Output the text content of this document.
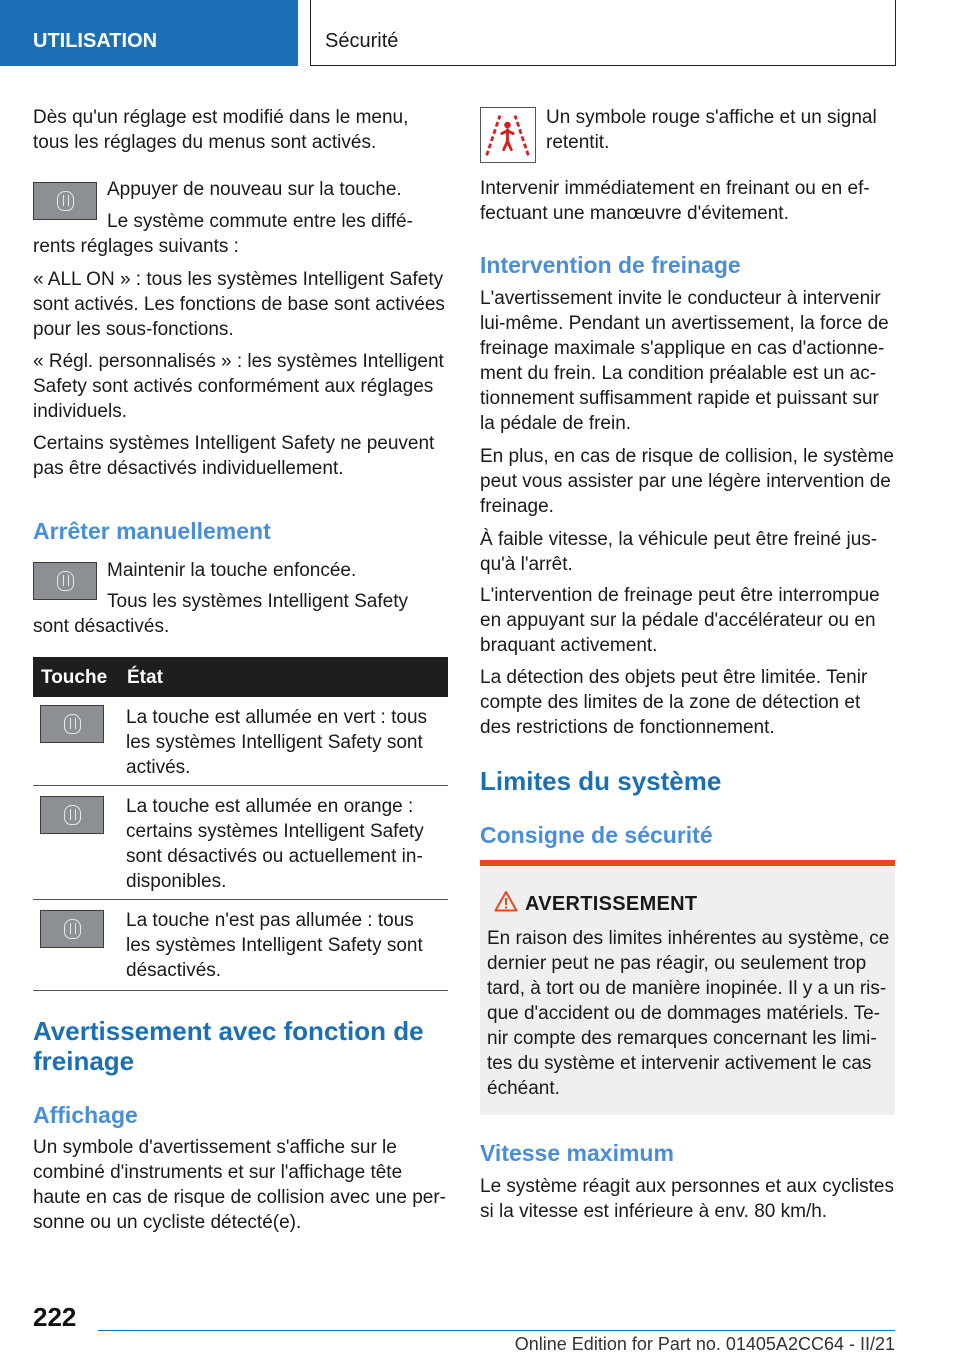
UTILISATION	Sécurité

Dès qu'un réglage est modifié dans le menu, tous les réglages du menus sont activés.

Appuyer de nouveau sur la touche.

Le système commute entre les diffé-rents réglages suivants :

« ALL ON » : tous les systèmes Intelligent Safety sont activés. Les fonctions de base sont activées pour les sous-fonctions.

« Régl. personnalisés » : les systèmes Intelligent Safety sont activés conformément aux réglages individuels.

Certains systèmes Intelligent Safety ne peuvent pas être désactivés individuellement.

Arrêter manuellement

Maintenir la touche enfoncée.

Tous les systèmes Intelligent Safety sont désactivés.

Touche État

La touche est allumée en vert : tous les systèmes Intelligent Safety sont activés.

La touche est allumée en orange : certains systèmes Intelligent Safety sont désactivés ou actuellement in-disponibles.

La touche n'est pas allumée : tous les systèmes Intelligent Safety sont désactivés.

Avertissement avec fonction de freinage
Affichage

Un symbole d'avertissement s'affiche sur le combiné d'instruments et sur l'affichage tête haute en cas de risque de collision avec une per-sonne ou un cycliste détecté(e).

Un symbole rouge s'affiche et un signal retentit.

Intervenir immédiatement en freinant ou en ef-fectuant une manœuvre d'évitement.

Intervention de freinage

L'avertissement invite le conducteur à intervenir lui-même. Pendant un avertissement, la force de freinage maximale s'applique en cas d'actionne-ment du frein. La condition préalable est un ac-tionnement suffisamment rapide et puissant sur la pédale de frein.

En plus, en cas de risque de collision, le système peut vous assister par une légère intervention de freinage.

À faible vitesse, la véhicule peut être freiné jus-qu'à l'arrêt.

L'intervention de freinage peut être interrompue en appuyant sur la pédale d'accélérateur ou en braquant activement.

La détection des objets peut être limitée. Tenir compte des limites de la zone de détection et des restrictions de fonctionnement.

Limites du système
Consigne de sécurité
AVERTISSEMENT
En raison des limites inhérentes au système, ce dernier peut ne pas réagir, ou seulement trop tard, à tort ou de manière inopinée. Il y a un ris-que d'accident ou de dommages matériels. Te-nir compte des remarques concernant les limi-tes du système et intervenir activement le cas échéant.
Vitesse maximum

Le système réagit aux personnes et aux cyclistes si la vitesse est inférieure à env. 80 km/h.

222
Online Edition for Part no. 01405A2CC64 - II/21
